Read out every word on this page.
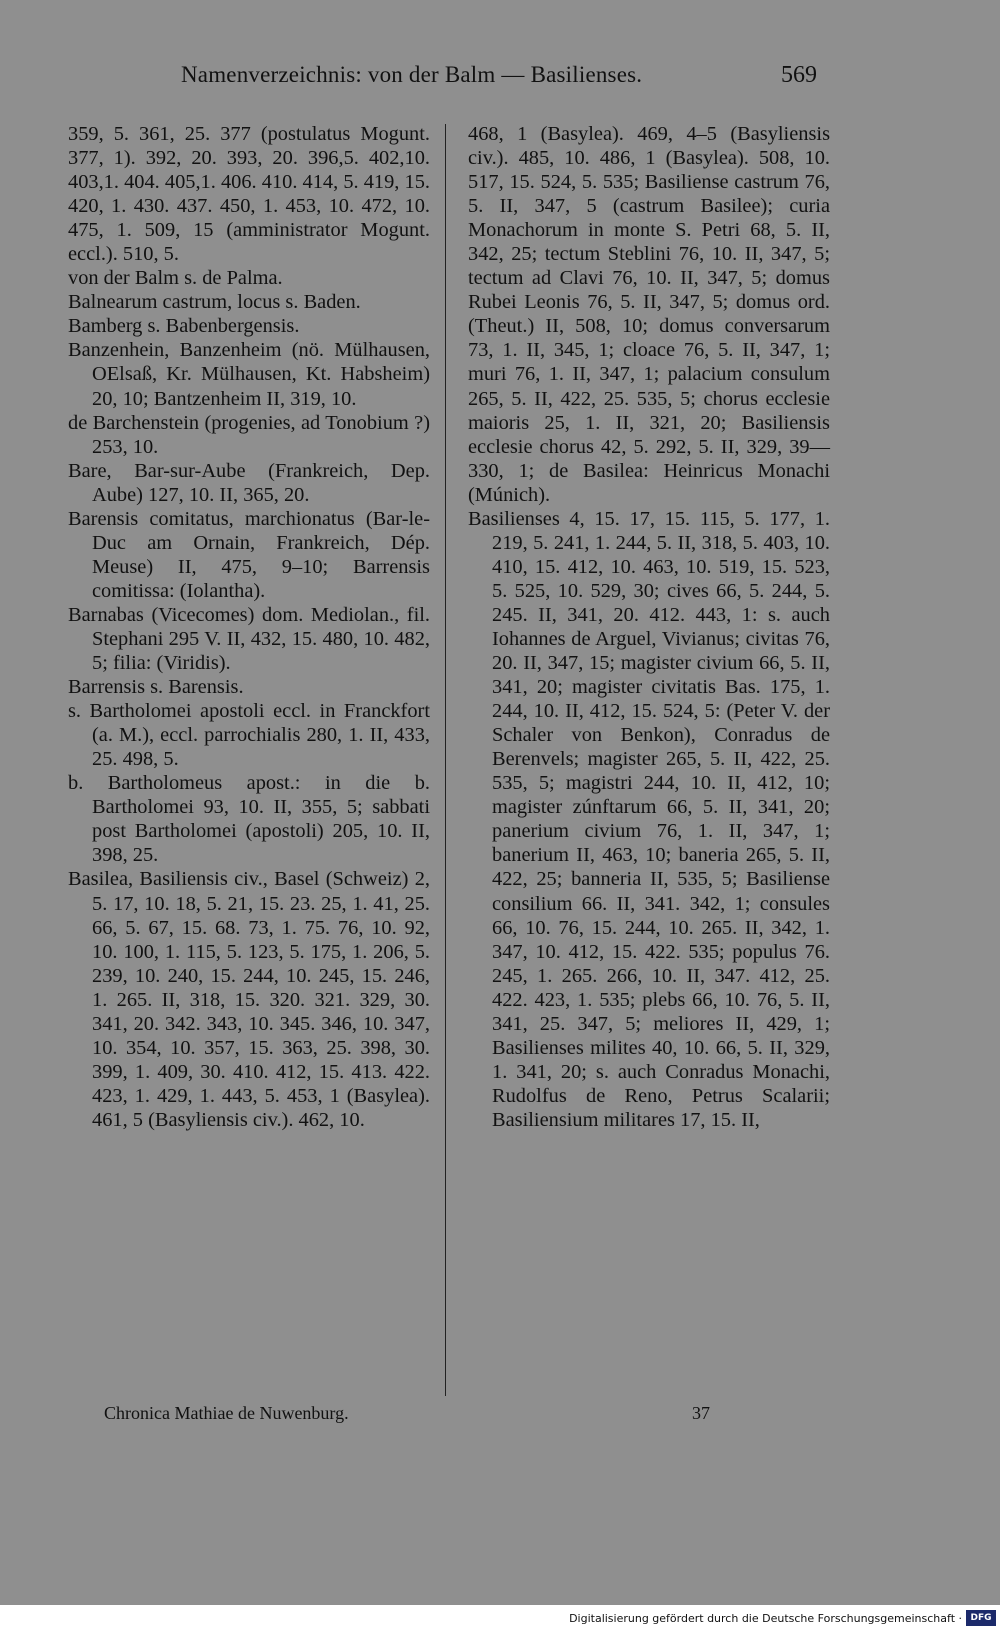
Namenverzeichnis: von der Balm — Basilienses.	569

359, 5. 361, 25. 377 (postulatus Mogunt. 377, 1). 392, 20. 393, 20. 396,5. 402,10. 403,1. 404. 405,1. 406. 410. 414, 5. 419, 15. 420, 1. 430. 437. 450, 1. 453, 10. 472, 10. 475, 1. 509, 15 (amministrator Mogunt. eccl.). 510, 5.

von der Balm s. de Palma.

Balnearum castrum, locus s. Baden.

Bamberg s. Babenbergensis.

Banzenhein, Banzenheim (nö. Mülhausen, OElsaß, Kr. Mülhausen, Kt. Habsheim) 20, 10; Bantzenheim II, 319, 10.

de Barchenstein (progenies, ad Tonobium ?) 253, 10.

Bare, Bar-sur-Aube (Frankreich, Dep. Aube) 127, 10. II, 365, 20.

Barensis comitatus, marchionatus (Bar-le-Duc am Ornain, Frankreich, Dép. Meuse) II, 475, 9–10; Barrensis comitissa: (Iolantha).

Barnabas (Vicecomes) dom. Mediolan., fil. Stephani 295 V. II, 432, 15. 480, 10. 482, 5; filia: (Viridis).

Barrensis s. Barensis.

s. Bartholomei apostoli eccl. in Franckfort (a. M.), eccl. parrochialis 280, 1. II, 433, 25. 498, 5.

b. Bartholomeus apost.: in die b. Bartholomei 93, 10. II, 355, 5; sabbati post Bartholomei (apostoli) 205, 10. II, 398, 25.

Basilea, Basiliensis civ., Basel (Schweiz) 2, 5. 17, 10. 18, 5. 21, 15. 23. 25, 1. 41, 25. 66, 5. 67, 15. 68. 73, 1. 75. 76, 10. 92, 10. 100, 1. 115, 5. 123, 5. 175, 1. 206, 5. 239, 10. 240, 15. 244, 10. 245, 15. 246, 1. 265. II, 318, 15. 320. 321. 329, 30. 341, 20. 342. 343, 10. 345. 346, 10. 347, 10. 354, 10. 357, 15. 363, 25. 398, 30. 399, 1. 409, 30. 410. 412, 15. 413. 422. 423, 1. 429, 1. 443, 5. 453, 1 (Basylea). 461, 5 (Basyliensis civ.). 462, 10.

468, 1 (Basylea). 469, 4–5 (Basyliensis civ.). 485, 10. 486, 1 (Basylea). 508, 10. 517, 15. 524, 5. 535; Basiliense castrum 76, 5. II, 347, 5 (castrum Basilee); curia Monachorum in monte S. Petri 68, 5. II, 342, 25; tectum Steblini 76, 10. II, 347, 5; tectum ad Clavi 76, 10. II, 347, 5; domus Rubei Leonis 76, 5. II, 347, 5; domus ord. (Theut.) II, 508, 10; domus conversarum 73, 1. II, 345, 1; cloace 76, 5. II, 347, 1; muri 76, 1. II, 347, 1; palacium consulum 265, 5. II, 422, 25. 535, 5; chorus ecclesie maioris 25, 1. II, 321, 20; Basiliensis ecclesie chorus 42, 5. 292, 5. II, 329, 39—330, 1; de Basilea: Heinricus Monachi (Múnich).

Basilienses 4, 15. 17, 15. 115, 5. 177, 1. 219, 5. 241, 1. 244, 5. II, 318, 5. 403, 10. 410, 15. 412, 10. 463, 10. 519, 15. 523, 5. 525, 10. 529, 30; cives 66, 5. 244, 5. 245. II, 341, 20. 412. 443, 1: s. auch Iohannes de Arguel, Vivianus; civitas 76, 20. II, 347, 15; magister civium 66, 5. II, 341, 20; magister civitatis Bas. 175, 1. 244, 10. II, 412, 15. 524, 5: (Peter V. der Schaler von Benkon), Conradus de Berenvels; magister 265, 5. II, 422, 25. 535, 5; magistri 244, 10. II, 412, 10; magister zúnftarum 66, 5. II, 341, 20; panerium civium 76, 1. II, 347, 1; banerium II, 463, 10; baneria 265, 5. II, 422, 25; banneria II, 535, 5; Basiliense consilium 66. II, 341. 342, 1; consules 66, 10. 76, 15. 244, 10. 265. II, 342, 1. 347, 10. 412, 15. 422. 535; populus 76. 245, 1. 265. 266, 10. II, 347. 412, 25. 422. 423, 1. 535; plebs 66, 10. 76, 5. II, 341, 25. 347, 5; meliores II, 429, 1; Basilienses milites 40, 10. 66, 5. II, 329, 1. 341, 20; s. auch Conradus Monachi, Rudolfus de Reno, Petrus Scalarii; Basiliensium militares 17, 15. II,

Chronica Mathiae de Nuwenburg.	37
Digitalisierung gefördert durch die Deutsche Forschungsgemeinschaft · DFG
